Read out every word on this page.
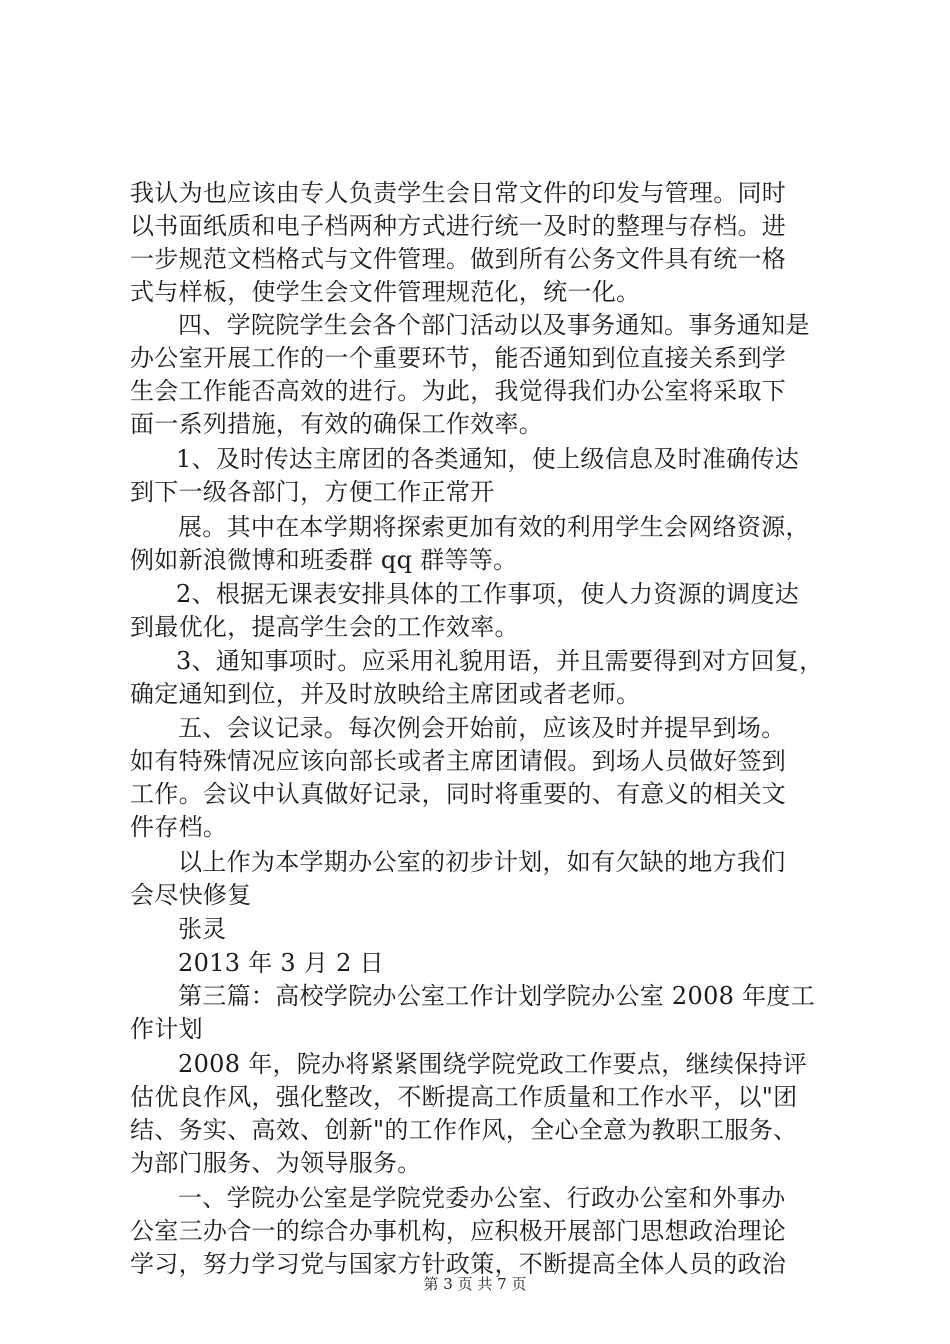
我认为也应该由专人负责学生会日常文件的印发与管理。同时
以书面纸质和电子档两种方式进行统一及时的整理与存档。进
一步规范文档格式与文件管理。做到所有公务文件具有统一格
式与样板，使学生会文件管理规范化，统一化。
四、学院院学生会各个部门活动以及事务通知。事务通知是
办公室开展工作的一个重要环节，能否通知到位直接关系到学
生会工作能否高效的进行。为此，我觉得我们办公室将采取下
面一系列措施，有效的确保工作效率。
1、及时传达主席团的各类通知，使上级信息及时准确传达
到下一级各部门，方便工作正常开
展。其中在本学期将探索更加有效的利用学生会网络资源，
例如新浪微博和班委群 qq 群等等。
2、根据无课表安排具体的工作事项，使人力资源的调度达
到最优化，提高学生会的工作效率。
3、通知事项时。应采用礼貌用语，并且需要得到对方回复，
确定通知到位，并及时放映给主席团或者老师。
五、会议记录。每次例会开始前，应该及时并提早到场。
如有特殊情况应该向部长或者主席团请假。到场人员做好签到
工作。会议中认真做好记录，同时将重要的、有意义的相关文
件存档。
以上作为本学期办公室的初步计划，如有欠缺的地方我们
会尽快修复
张灵
2013 年 3 月 2 日
第三篇：高校学院办公室工作计划学院办公室 2008 年度工
作计划
2008 年，院办将紧紧围绕学院党政工作要点，继续保持评
估优良作风，强化整改，不断提高工作质量和工作水平，以"团
结、务实、高效、创新"的工作作风，全心全意为教职工服务、
为部门服务、为领导服务。
一、学院办公室是学院党委办公室、行政办公室和外事办
公室三办合一的综合办事机构，应积极开展部门思想政治理论
学习，努力学习党与国家方针政策，不断提高全体人员的政治
第 3 页 共 7 页
